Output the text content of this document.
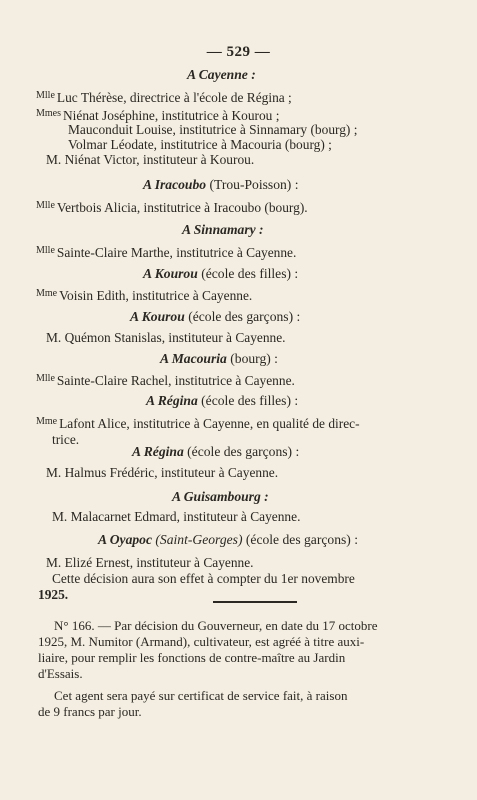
— 529 —
A Cayenne :
$^{Mlle}$ Luc Thérèse, directrice à l'école de Régina ;
$^{Mmes}$ Niénat Joséphine, institutrice à Kourou ;
Mauconduit Louise, institutrice à Sinnamary (bourg) ;
Volmar Léodate, institutrice à Macouria (bourg) ;
M. Niénat Victor, instituteur à Kourou.
A Iracoubo (Trou-Poisson) :
$^{Mlle}$ Vertbois Alicia, institutrice à Iracoubo (bourg).
A Sinnamary :
$^{Mlle}$ Sainte-Claire Marthe, institutrice à Cayenne.
A Kourou (école des filles) :
$^{Mme}$ Voisin Edith, institutrice à Cayenne.
A Kourou (école des garçons) :
M. Quémon Stanislas, instituteur à Cayenne.
A Macouria (bourg) :
$^{Mlle}$ Sainte-Claire Rachel, institutrice à Cayenne.
A Régina (école des filles) :
$^{Mme}$ Lafont Alice, institutrice à Cayenne, en qualité de direc-
trice.
A Régina (école des garçons) :
M. Halmus Frédéric, instituteur à Cayenne.
A Guisambourg :
M. Malacarnet Edmard, instituteur à Cayenne.
A Oyapoc (Saint-Georges) (école des garçons) :
M. Elizé Ernest, instituteur à Cayenne.
Cette décision aura son effet à compter du 1er novembre
1925.
N° 166. — Par décision du Gouverneur, en date du 17 octobre
1925, M. Numitor (Armand), cultivateur, est agréé à titre auxi-
liaire, pour remplir les fonctions de contre-maître au Jardin
d'Essais.
Cet agent sera payé sur certificat de service fait, à raison
de 9 francs par jour.
